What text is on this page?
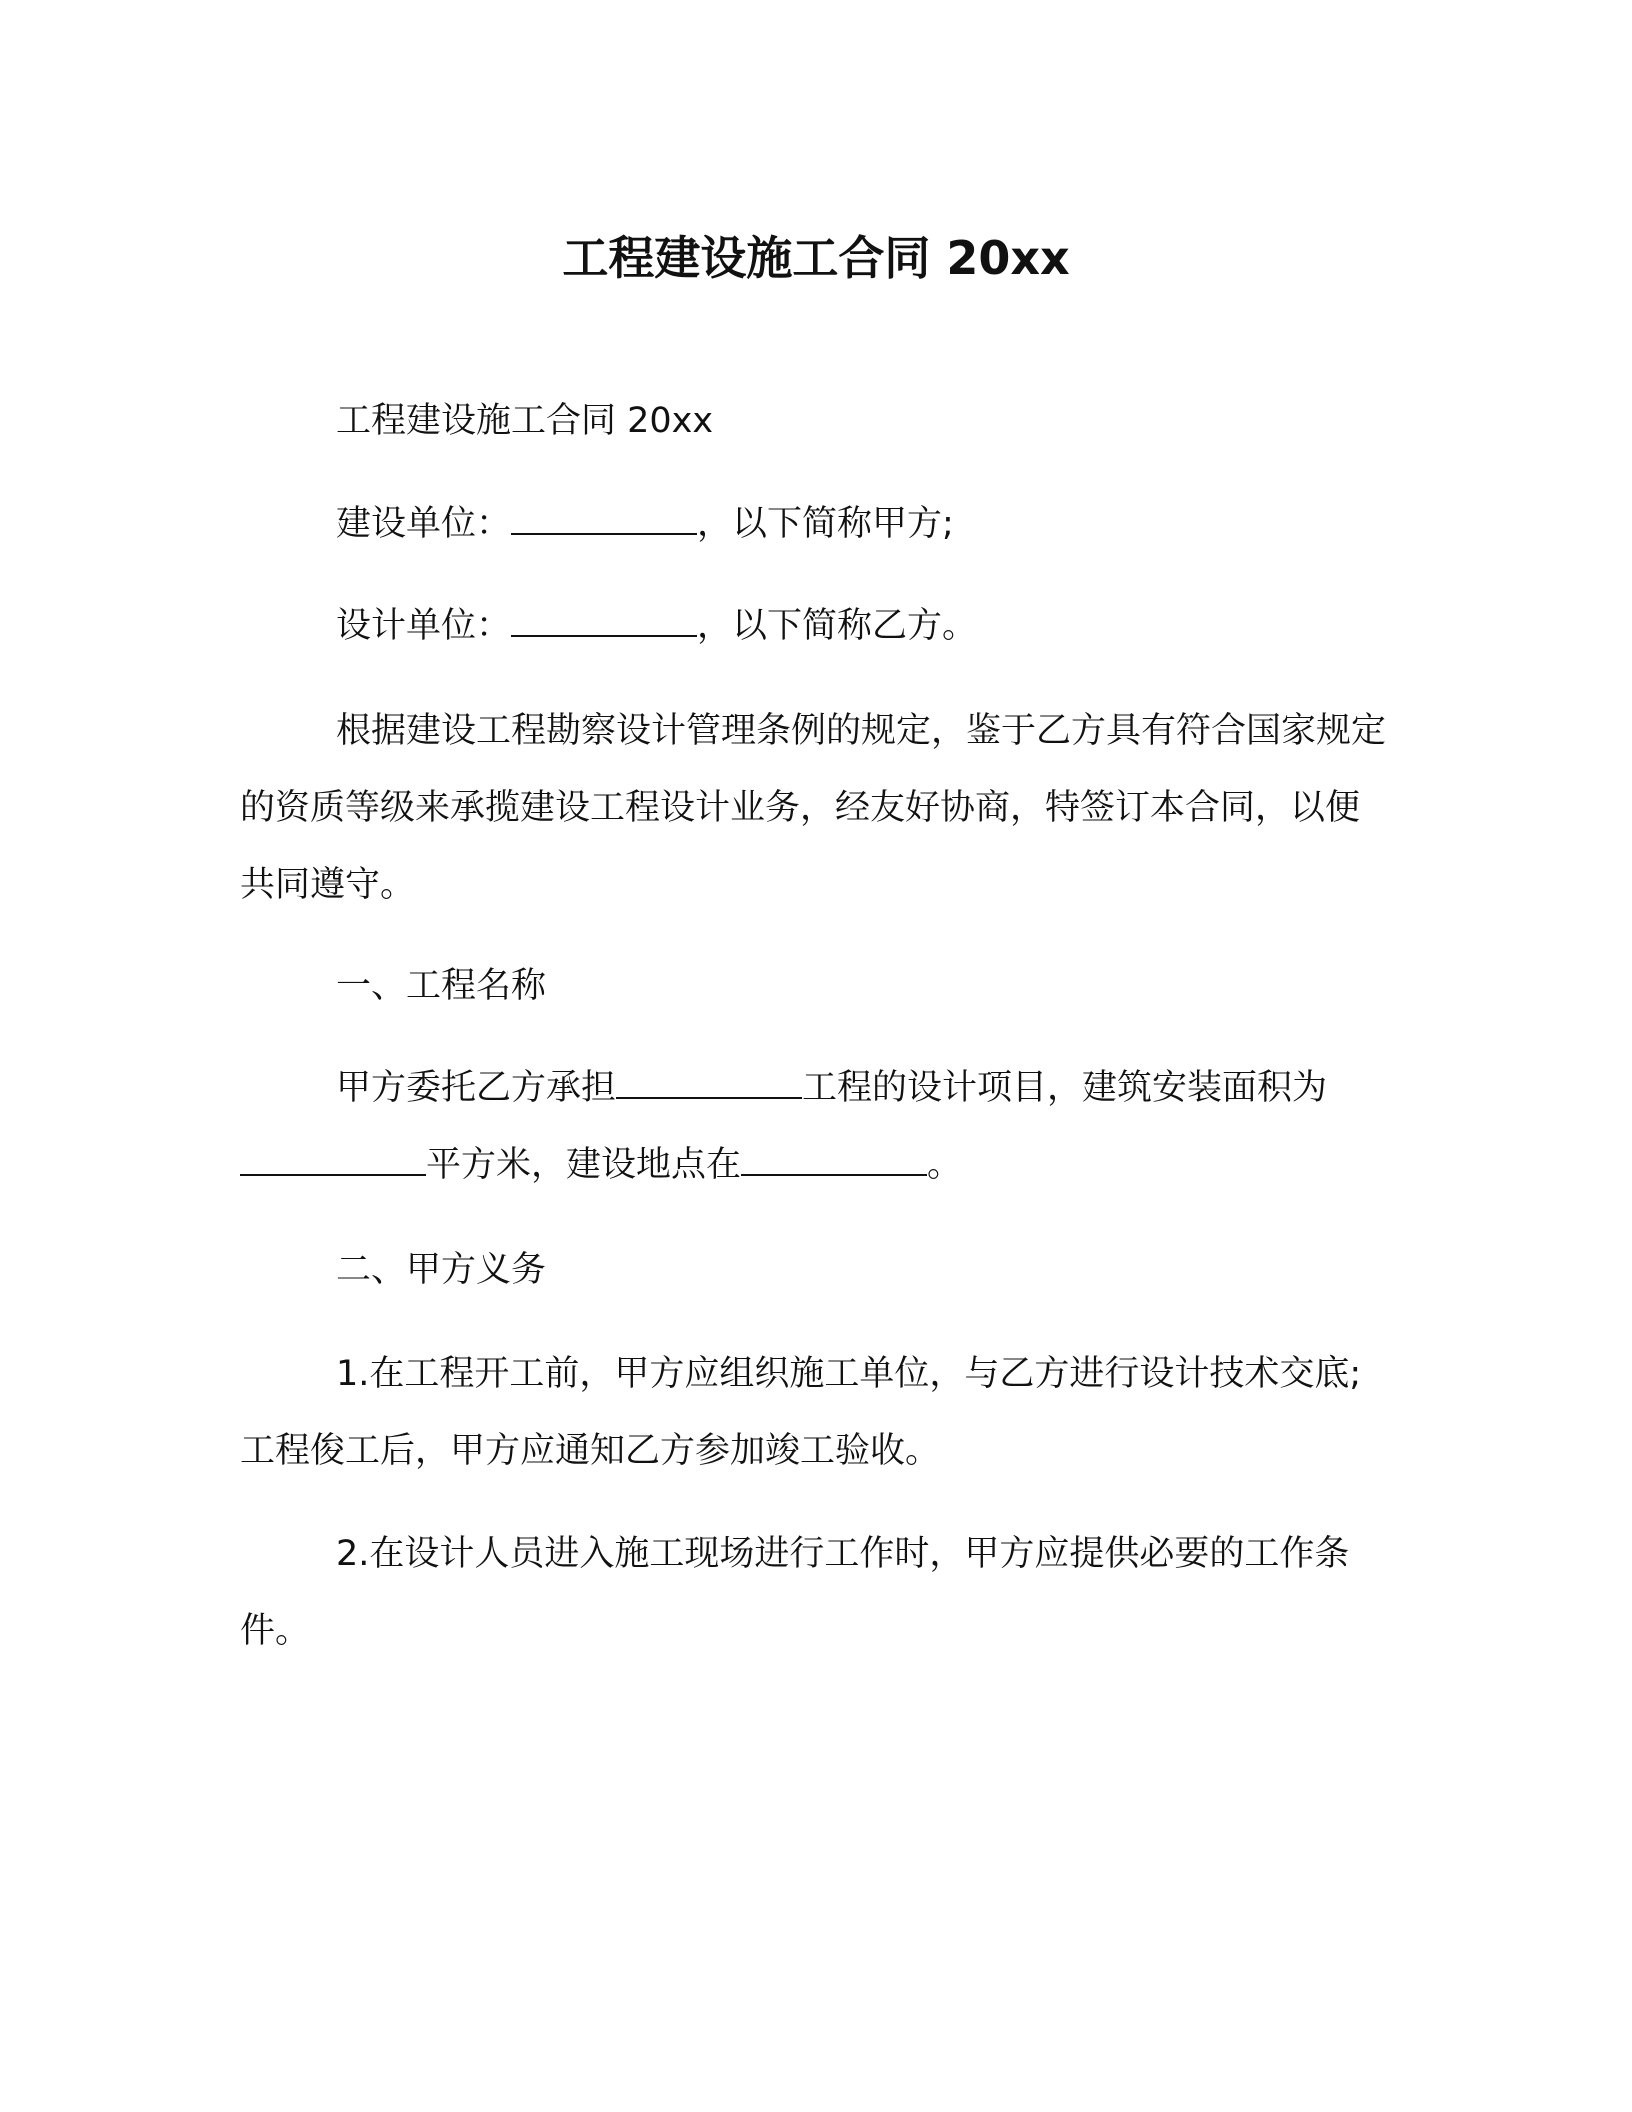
工程建设施工合同 20xx

工程建设施工合同 20xx

建设单位：	，以下简称甲方;

设计单位：	，以下简称乙方。

根据建设工程勘察设计管理条例的规定，鉴于乙方具有符合国家规定的资质等级来承揽建设工程设计业务，经友好协商，特签订本合同，以便共同遵守。

一、工程名称

甲方委托乙方承担	工程的设计项目，建筑安装面积为平方米，建设地点在	。

二、甲方义务

1.在工程开工前，甲方应组织施工单位，与乙方进行设计技术交底;工程俊工后，甲方应通知乙方参加竣工验收。

2.在设计人员进入施工现场进行工作时，甲方应提供必要的工作条件。
